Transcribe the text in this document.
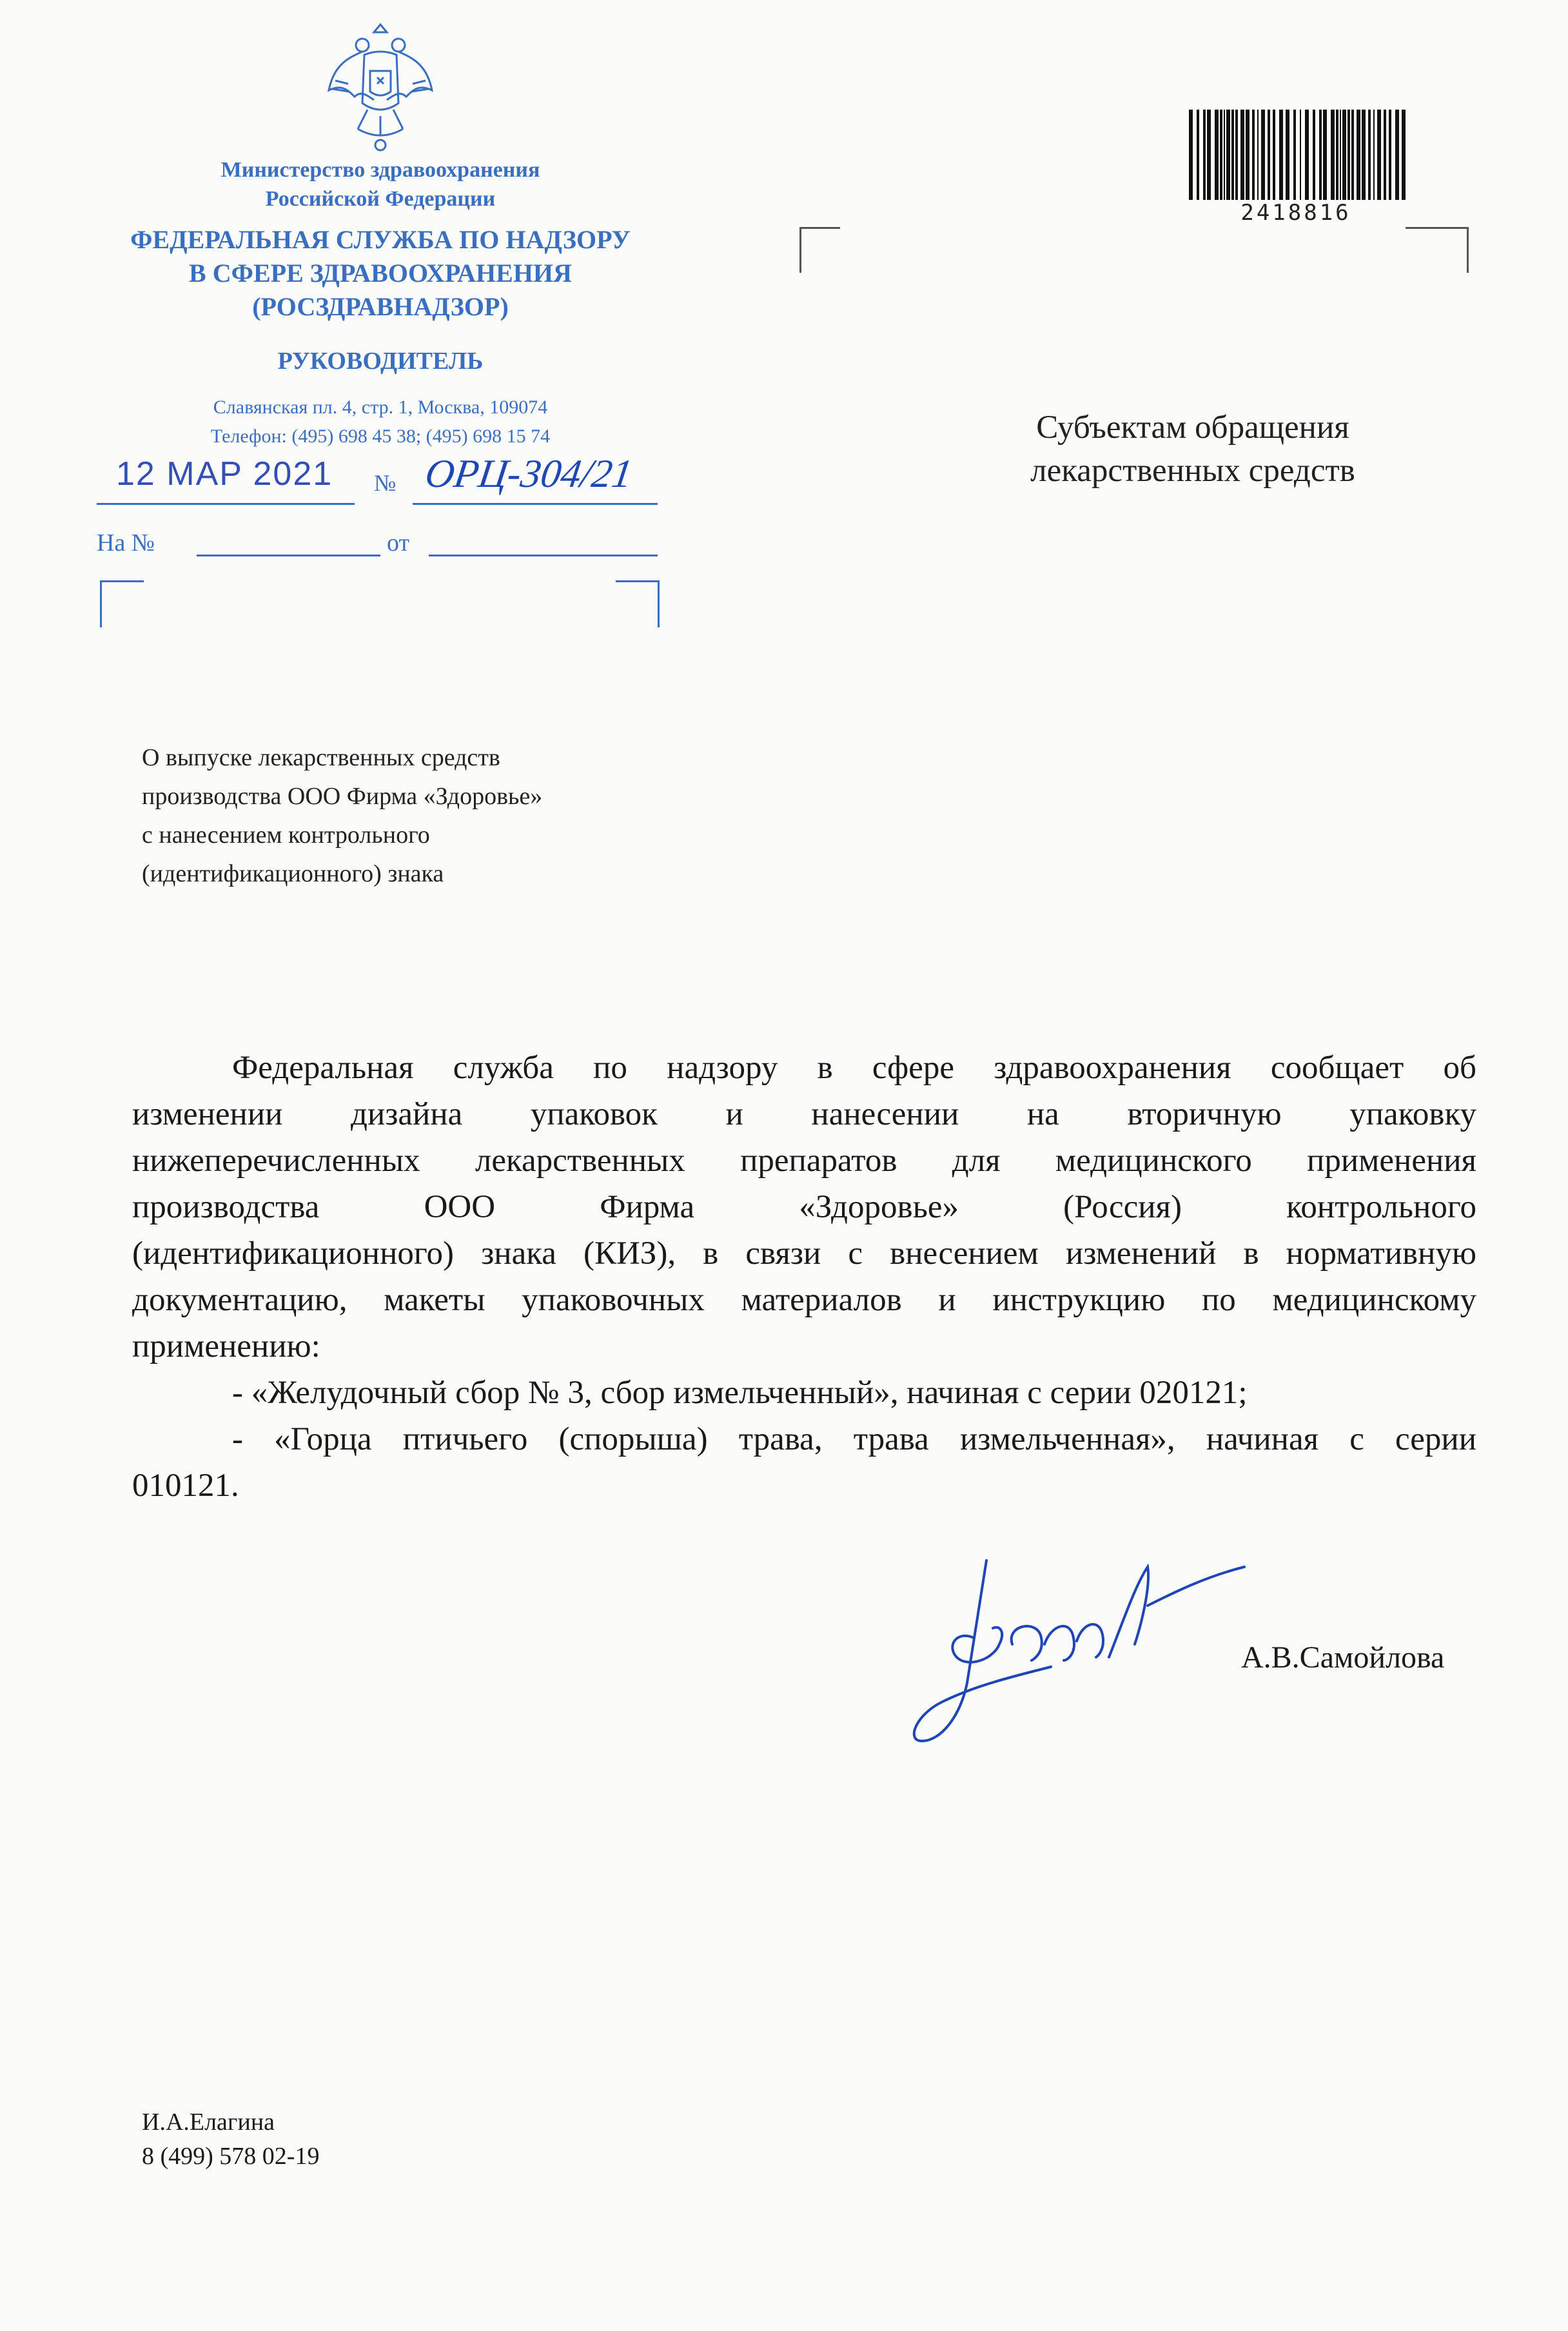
Министерство здравоохранения
Российской Федерации
ФЕДЕРАЛЬНАЯ СЛУЖБА ПО НАДЗОРУ
В СФЕРЕ ЗДРАВООХРАНЕНИЯ
(РОСЗДРАВНАДЗОР)
РУКОВОДИТЕЛЬ
Славянская пл. 4, стр. 1, Москва, 109074
Телефон: (495) 698 45 38; (495) 698 15 74
12 MAP 2021 № ОРЦ-304/21
На №	от
2418816
Субъектам обращения
лекарственных средств
О выпуске лекарственных средств
производства ООО Фирма «Здоровье»
с нанесением контрольного
(идентификационного) знака
Федеральная служба по надзору в сфере здравоохранения сообщает об
изменении дизайна упаковок и нанесении на вторичную упаковку
нижеперечисленных лекарственных препаратов для медицинского применения
производства ООО Фирма «Здоровье» (Россия) контрольного
(идентификационного) знака (КИЗ), в связи с внесением изменений в нормативную
документацию, макеты упаковочных материалов и инструкцию по медицинскому
применению:
- «Желудочный сбор № 3, сбор измельченный», начиная с серии 020121;
- «Горца птичьего (спорыша) трава, трава измельченная», начиная с серии
010121.
А.В.Самойлова
И.А.Елагина
8 (499) 578 02-19
